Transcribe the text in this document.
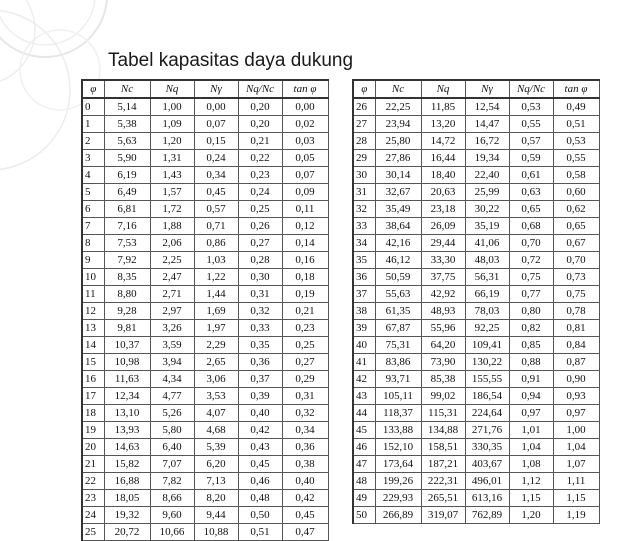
Tabel kapasitas daya dukung
φ	Nc	Nq	Nγ	Nq/Nc	tan φ
0	5,14	1,00	0,00	0,20	0,00
1	5,38	1,09	0,07	0,20	0,02
2	5,63	1,20	0,15	0,21	0,03
3	5,90	1,31	0,24	0,22	0,05
4	6,19	1,43	0,34	0,23	0,07
5	6,49	1,57	0,45	0,24	0,09
6	6,81	1,72	0,57	0,25	0,11
7	7,16	1,88	0,71	0,26	0,12
8	7,53	2,06	0,86	0,27	0,14
9	7,92	2,25	1,03	0,28	0,16
10	8,35	2,47	1,22	0,30	0,18
11	8,80	2,71	1,44	0,31	0,19
12	9,28	2,97	1,69	0,32	0,21
13	9,81	3,26	1,97	0,33	0,23
14	10,37	3,59	2,29	0,35	0,25
15	10,98	3,94	2,65	0,36	0,27
16	11,63	4,34	3,06	0,37	0,29
17	12,34	4,77	3,53	0,39	0,31
18	13,10	5,26	4,07	0,40	0,32
19	13,93	5,80	4,68	0,42	0,34
20	14,63	6,40	5,39	0,43	0,36
21	15,82	7,07	6,20	0,45	0,38
22	16,88	7,82	7,13	0,46	0,40
23	18,05	8,66	8,20	0,48	0,42
24	19,32	9,60	9,44	0,50	0,45
25	20,72	10,66	10,88	0,51	0,47
φ	Nc	Nq	Nγ	Nq/Nc	tan φ
26	22,25	11,85	12,54	0,53	0,49
27	23,94	13,20	14,47	0,55	0,51
28	25,80	14,72	16,72	0,57	0,53
29	27,86	16,44	19,34	0,59	0,55
30	30,14	18,40	22,40	0,61	0,58
31	32,67	20,63	25,99	0,63	0,60
32	35,49	23,18	30,22	0,65	0,62
33	38,64	26,09	35,19	0,68	0,65
34	42,16	29,44	41,06	0,70	0,67
35	46,12	33,30	48,03	0,72	0,70
36	50,59	37,75	56,31	0,75	0,73
37	55,63	42,92	66,19	0,77	0,75
38	61,35	48,93	78,03	0,80	0,78
39	67,87	55,96	92,25	0,82	0,81
40	75,31	64,20	109,41	0,85	0,84
41	83,86	73,90	130,22	0,88	0,87
42	93,71	85,38	155,55	0,91	0,90
43	105,11	99,02	186,54	0,94	0,93
44	118,37	115,31	224,64	0,97	0,97
45	133,88	134,88	271,76	1,01	1,00
46	152,10	158,51	330,35	1,04	1,04
47	173,64	187,21	403,67	1,08	1,07
48	199,26	222,31	496,01	1,12	1,11
49	229,93	265,51	613,16	1,15	1,15
50	266,89	319,07	762,89	1,20	1,19
